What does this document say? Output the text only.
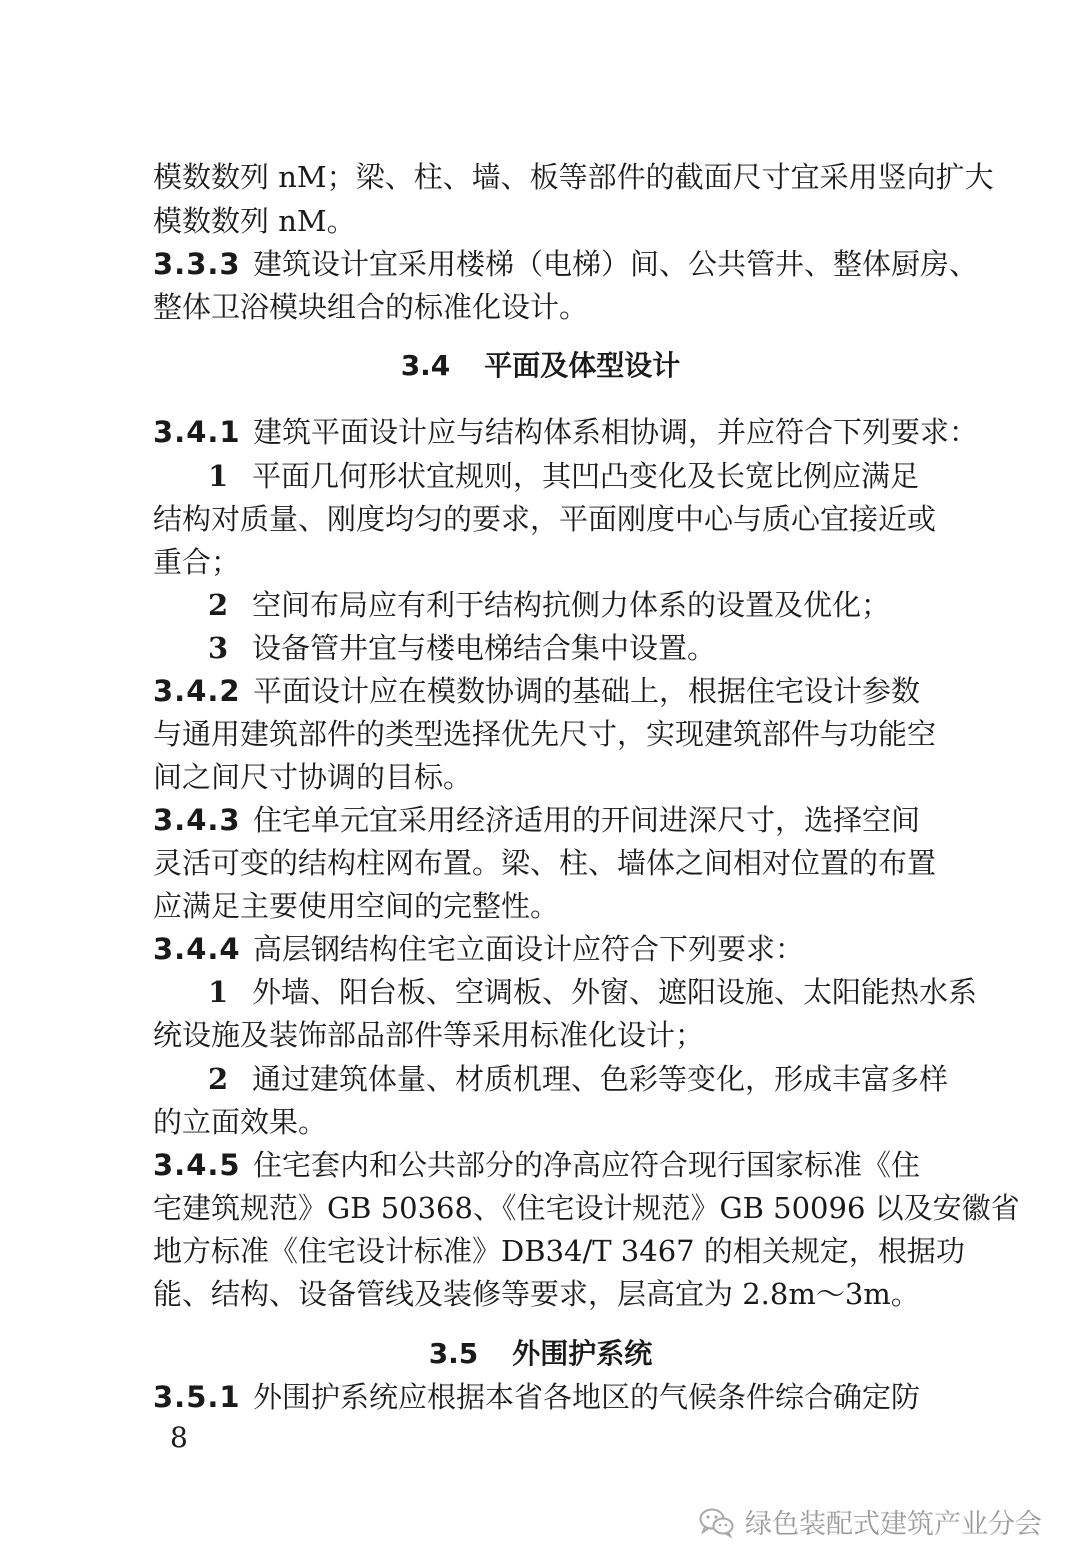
模数数列 nM；梁、柱、墙、板等部件的截面尺寸宜采用竖向扩大
模数数列 nM。
3.3.3 建筑设计宜采用楼梯（电梯）间、公共管井、整体厨房、
整体卫浴模块组合的标准化设计。
3.4 平面及体型设计
3.4.1 建筑平面设计应与结构体系相协调，并应符合下列要求：
1 平面几何形状宜规则，其凹凸变化及长宽比例应满足
结构对质量、刚度均匀的要求，平面刚度中心与质心宜接近或
重合；
2 空间布局应有利于结构抗侧力体系的设置及优化；
3 设备管井宜与楼电梯结合集中设置。
3.4.2 平面设计应在模数协调的基础上，根据住宅设计参数
与通用建筑部件的类型选择优先尺寸，实现建筑部件与功能空
间之间尺寸协调的目标。
3.4.3 住宅单元宜采用经济适用的开间进深尺寸，选择空间
灵活可变的结构柱网布置。梁、柱、墙体之间相对位置的布置
应满足主要使用空间的完整性。
3.4.4 高层钢结构住宅立面设计应符合下列要求：
1 外墙、阳台板、空调板、外窗、遮阳设施、太阳能热水系
统设施及装饰部品部件等采用标准化设计；
2 通过建筑体量、材质机理、色彩等变化，形成丰富多样
的立面效果。
3.4.5 住宅套内和公共部分的净高应符合现行国家标准《住
宅建筑规范》GB 50368、《住宅设计规范》GB 50096 以及安徽省
地方标准《住宅设计标准》DB34/T 3467 的相关规定，根据功
能、结构、设备管线及装修等要求，层高宜为 2.8m～3m。
3.5 外围护系统
3.5.1 外围护系统应根据本省各地区的气候条件综合确定防
8
绿色装配式建筑产业分会
